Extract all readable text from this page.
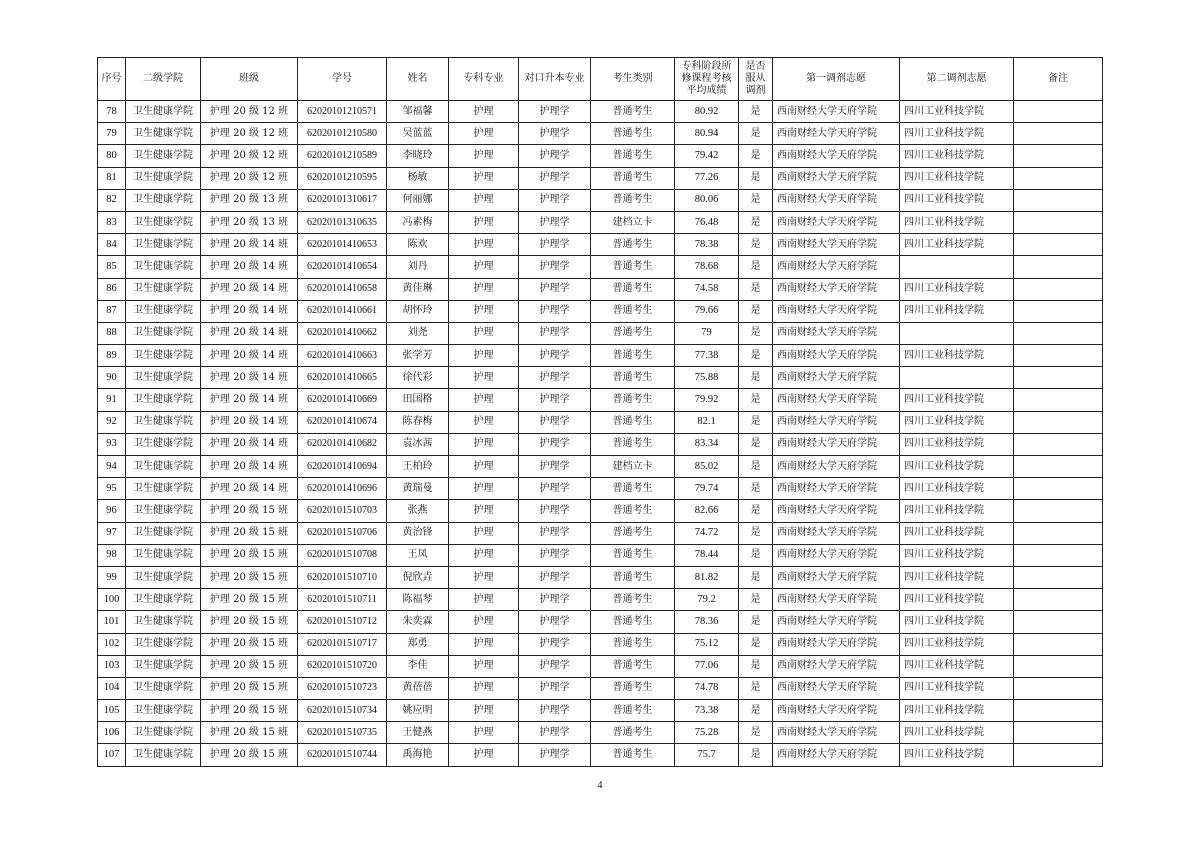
序号	二级学院	班级	学号	姓名	专科专业	对口升本专业	考生类别	专科阶段所修课程考核平均成绩	是否服从调剂	第一调剂志愿	第二调剂志愿	备注
78	卫生健康学院	护理 20 级 12 班	62020101210571	邹福馨	护理	护理学	普通考生	80.92	是	西南财经大学天府学院	四川工业科技学院	
79	卫生健康学院	护理 20 级 12 班	62020101210580	吴蓝蓝	护理	护理学	普通考生	80.94	是	西南财经大学天府学院	四川工业科技学院	
80	卫生健康学院	护理 20 级 12 班	62020101210589	李晓玲	护理	护理学	普通考生	79.42	是	西南财经大学天府学院	四川工业科技学院	
81	卫生健康学院	护理 20 级 12 班	62020101210595	杨敏	护理	护理学	普通考生	77.26	是	西南财经大学天府学院	四川工业科技学院	
82	卫生健康学院	护理 20 级 13 班	62020101310617	何丽娜	护理	护理学	普通考生	80.06	是	西南财经大学天府学院	四川工业科技学院	
83	卫生健康学院	护理 20 级 13 班	62020101310635	冯素梅	护理	护理学	建档立卡	76.48	是	西南财经大学天府学院	四川工业科技学院	
84	卫生健康学院	护理 20 级 14 班	62020101410653	陈欢	护理	护理学	普通考生	78.38	是	西南财经大学天府学院	四川工业科技学院	
85	卫生健康学院	护理 20 级 14 班	62020101410654	刘丹	护理	护理学	普通考生	78.68	是	西南财经大学天府学院		
86	卫生健康学院	护理 20 级 14 班	62020101410658	黄佳琳	护理	护理学	普通考生	74.58	是	西南财经大学天府学院	四川工业科技学院	
87	卫生健康学院	护理 20 级 14 班	62020101410661	胡怀玲	护理	护理学	普通考生	79.66	是	西南财经大学天府学院	四川工业科技学院	
88	卫生健康学院	护理 20 级 14 班	62020101410662	刘尧	护理	护理学	普通考生	79	是	西南财经大学天府学院		
89	卫生健康学院	护理 20 级 14 班	62020101410663	张学芳	护理	护理学	普通考生	77.38	是	西南财经大学天府学院	四川工业科技学院	
90	卫生健康学院	护理 20 级 14 班	62020101410665	徐代彩	护理	护理学	普通考生	75.88	是	西南财经大学天府学院		
91	卫生健康学院	护理 20 级 14 班	62020101410669	田国格	护理	护理学	普通考生	79.92	是	西南财经大学天府学院	四川工业科技学院	
92	卫生健康学院	护理 20 级 14 班	62020101410674	陈春梅	护理	护理学	普通考生	82.1	是	西南财经大学天府学院	四川工业科技学院	
93	卫生健康学院	护理 20 级 14 班	62020101410682	袁冰茜	护理	护理学	普通考生	83.34	是	西南财经大学天府学院	四川工业科技学院	
94	卫生健康学院	护理 20 级 14 班	62020101410694	王柏玲	护理	护理学	建档立卡	85.02	是	西南财经大学天府学院	四川工业科技学院	
95	卫生健康学院	护理 20 级 14 班	62020101410696	黄瑞曼	护理	护理学	普通考生	79.74	是	西南财经大学天府学院	四川工业科技学院	
96	卫生健康学院	护理 20 级 15 班	62020101510703	张燕	护理	护理学	普通考生	82.66	是	西南财经大学天府学院	四川工业科技学院	
97	卫生健康学院	护理 20 级 15 班	62020101510706	黄治锋	护理	护理学	普通考生	74.72	是	西南财经大学天府学院	四川工业科技学院	
98	卫生健康学院	护理 20 级 15 班	62020101510708	王凤	护理	护理学	普通考生	78.44	是	西南财经大学天府学院	四川工业科技学院	
99	卫生健康学院	护理 20 级 15 班	62020101510710	倪欣垚	护理	护理学	普通考生	81.82	是	西南财经大学天府学院	四川工业科技学院	
100	卫生健康学院	护理 20 级 15 班	62020101510711	陈福琴	护理	护理学	普通考生	79.2	是	西南财经大学天府学院	四川工业科技学院	
101	卫生健康学院	护理 20 级 15 班	62020101510712	朱奕霖	护理	护理学	普通考生	78.36	是	西南财经大学天府学院	四川工业科技学院	
102	卫生健康学院	护理 20 级 15 班	62020101510717	郑勇	护理	护理学	普通考生	75.12	是	西南财经大学天府学院	四川工业科技学院	
103	卫生健康学院	护理 20 级 15 班	62020101510720	李佳	护理	护理学	普通考生	77.06	是	西南财经大学天府学院	四川工业科技学院	
104	卫生健康学院	护理 20 级 15 班	62020101510723	黄蓓蓓	护理	护理学	普通考生	74.78	是	西南财经大学天府学院	四川工业科技学院	
105	卫生健康学院	护理 20 级 15 班	62020101510734	姚应明	护理	护理学	普通考生	73.38	是	西南财经大学天府学院	四川工业科技学院	
106	卫生健康学院	护理 20 级 15 班	62020101510735	王健燕	护理	护理学	普通考生	75.28	是	西南财经大学天府学院	四川工业科技学院	
107	卫生健康学院	护理 20 级 15 班	62020101510744	禹海艳	护理	护理学	普通考生	75.7	是	西南财经大学天府学院	四川工业科技学院	
4
